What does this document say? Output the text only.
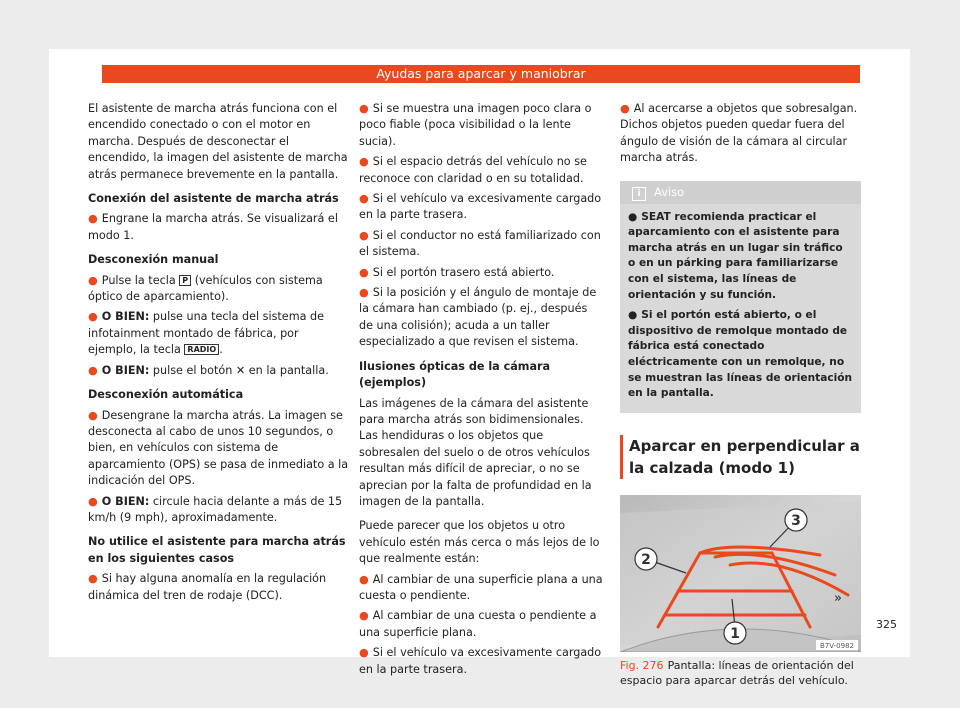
Ayudas para aparcar y maniobrar

El asistente de marcha atrás funciona con el encendido conectado o con el motor en marcha. Después de desconectar el encendido, la imagen del asistente de marcha atrás permanece brevemente en la pantalla.

Conexión del asistente de marcha atrás

● Engrane la marcha atrás. Se visualizará el modo 1.

Desconexión manual

● Pulse la tecla P (vehículos con sistema óptico de aparcamiento).

● O BIEN: pulse una tecla del sistema de infotainment montado de fábrica, por ejemplo, la tecla RADIO .

● O BIEN: pulse el botón ✕ en la pantalla.

Desconexión automática

● Desengrane la marcha atrás. La imagen se desconecta al cabo de unos 10 segundos, o bien, en vehículos con sistema de aparcamiento (OPS) se pasa de inmediato a la indicación del OPS.

● O BIEN: circule hacia delante a más de 15 km/h (9 mph), aproximadamente.

No utilice el asistente para marcha atrás en los siguientes casos

● Si hay alguna anomalía en la regulación dinámica del tren de rodaje (DCC).

● Si se muestra una imagen poco clara o poco fiable (poca visibilidad o la lente sucia).

● Si el espacio detrás del vehículo no se reconoce con claridad o en su totalidad.

● Si el vehículo va excesivamente cargado en la parte trasera.

● Si el conductor no está familiarizado con el sistema.

● Si el portón trasero está abierto.

● Si la posición y el ángulo de montaje de la cámara han cambiado (p. ej., después de una colisión); acuda a un taller especializado a que revisen el sistema.

Ilusiones ópticas de la cámara (ejemplos)

Las imágenes de la cámara del asistente para marcha atrás son bidimensionales. Las hendiduras o los objetos que sobresalen del suelo o de otros vehículos resultan más difícil de apreciar, o no se aprecian por la falta de profundidad en la imagen de la pantalla.

Puede parecer que los objetos u otro vehículo estén más cerca o más lejos de lo que realmente están:

● Al cambiar de una superficie plana a una cuesta o pendiente.

● Al cambiar de una cuesta o pendiente a una superficie plana.

● Si el vehículo va excesivamente cargado en la parte trasera.

● Al acercarse a objetos que sobresalgan. Dichos objetos pueden quedar fuera del ángulo de visión de la cámara al circular marcha atrás.

i Aviso

● SEAT recomienda practicar el aparcamiento con el asistente para marcha atrás en un lugar sin tráfico o en un párking para familiarizarse con el sistema, las líneas de orientación y su función.

● Si el portón está abierto, o el dispositivo de remolque montado de fábrica está conectado eléctricamente con un remolque, no se muestran las líneas de orientación en la pantalla.

Aparcar en perpendicular a la calzada (modo 1)
2
3
1
B7V-0982
Fig. 276 Pantalla: líneas de orientación del espacio para aparcar detrás del vehículo.
»
325
